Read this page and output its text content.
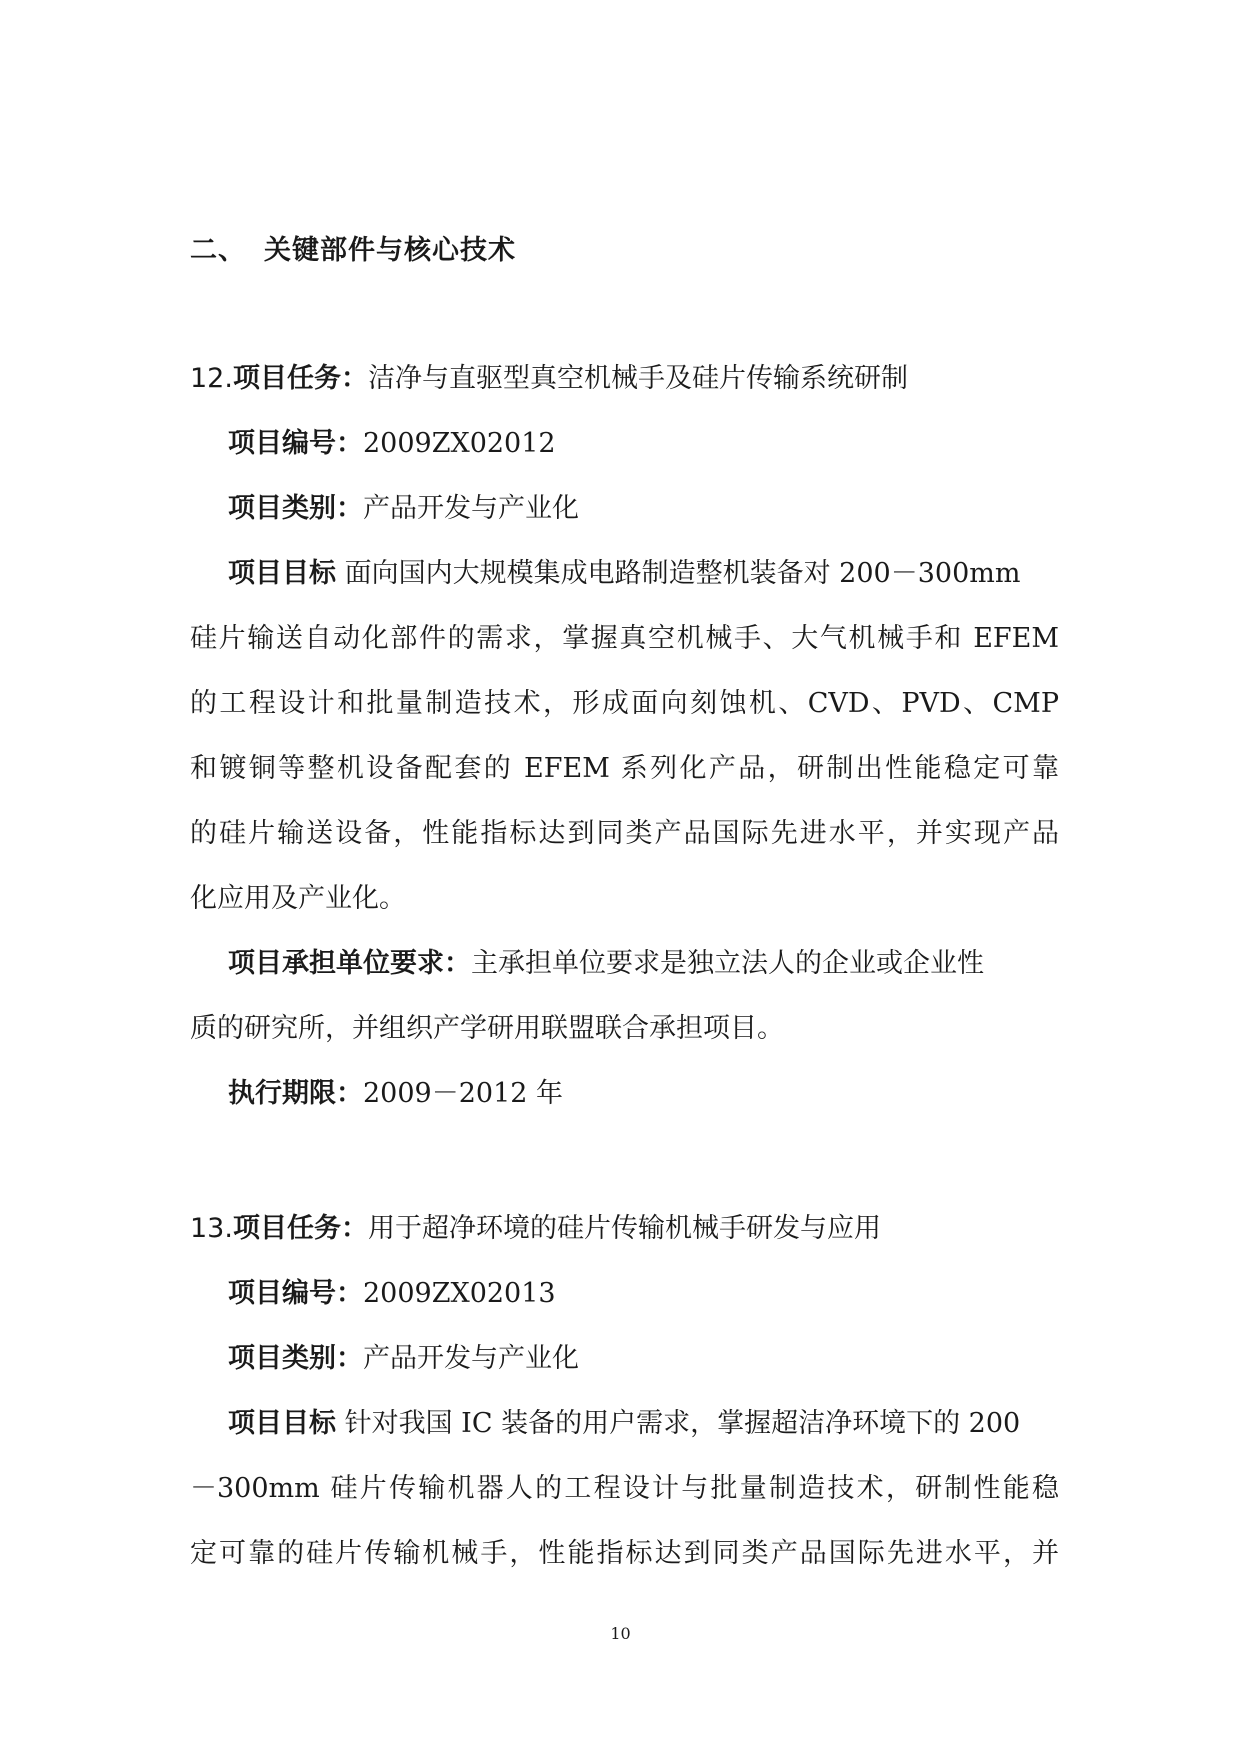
二、 关键部件与核心技术
12.项目任务：洁净与直驱型真空机械手及硅片传输系统研制
项目编号：2009ZX02012
项目类别：产品开发与产业化
项目目标 面向国内大规模集成电路制造整机装备对 200－300mm
硅片输送自动化部件的需求，掌握真空机械手、大气机械手和 EFEM
的工程设计和批量制造技术，形成面向刻蚀机、CVD、PVD、CMP
和镀铜等整机设备配套的 EFEM 系列化产品，研制出性能稳定可靠
的硅片输送设备，性能指标达到同类产品国际先进水平，并实现产品
化应用及产业化。
项目承担单位要求：主承担单位要求是独立法人的企业或企业性
质的研究所，并组织产学研用联盟联合承担项目。
执行期限：2009－2012 年
13.项目任务：用于超净环境的硅片传输机械手研发与应用
项目编号：2009ZX02013
项目类别：产品开发与产业化
项目目标 针对我国 IC 装备的用户需求，掌握超洁净环境下的 200
－300mm 硅片传输机器人的工程设计与批量制造技术，研制性能稳
定可靠的硅片传输机械手，性能指标达到同类产品国际先进水平，并
10
